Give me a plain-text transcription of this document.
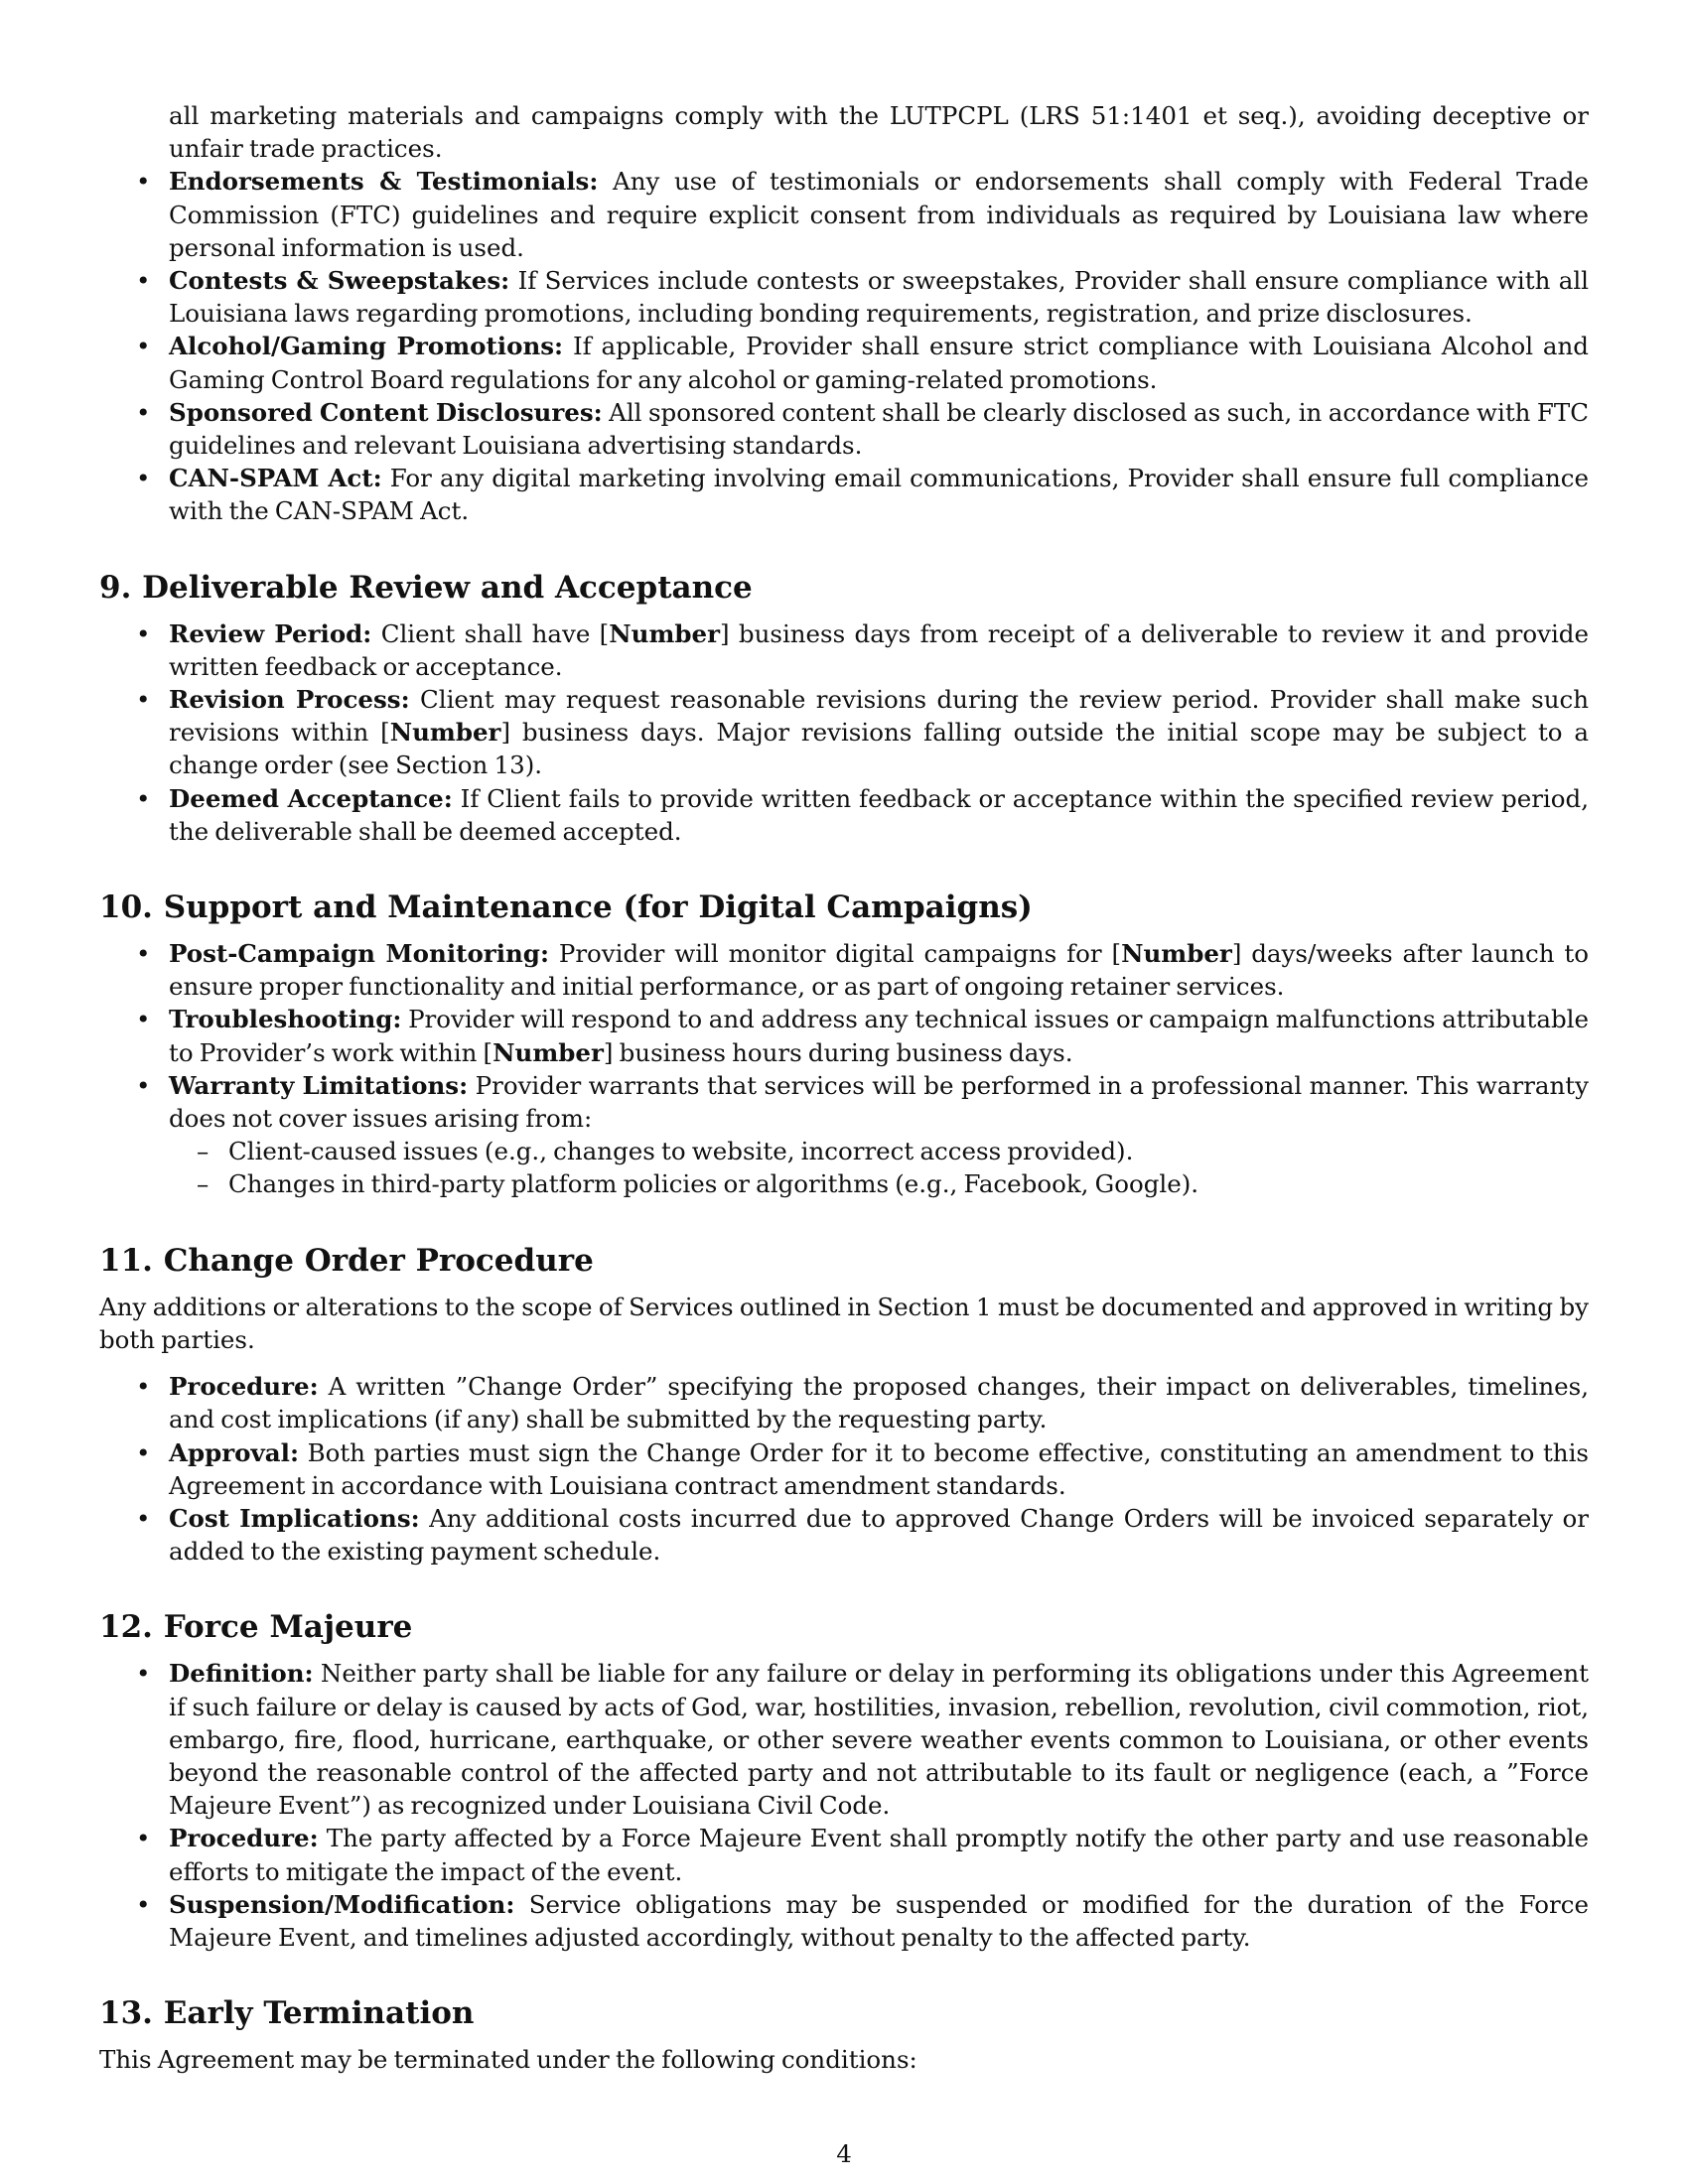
all marketing materials and campaigns comply with the LUTPCPL (LRS 51:1401 et seq.), avoiding deceptive or unfair trade practices.
• Endorsements & Testimonials: Any use of testimonials or endorsements shall comply with Federal Trade Commission (FTC) guidelines and require explicit consent from individuals as required by Louisiana law where personal information is used.
• Contests & Sweepstakes: If Services include contests or sweepstakes, Provider shall ensure compliance with all Louisiana laws regarding promotions, including bonding requirements, registration, and prize disclosures.
• Alcohol/Gaming Promotions: If applicable, Provider shall ensure strict compliance with Louisiana Alcohol and Gaming Control Board regulations for any alcohol or gaming-related promotions.
• Sponsored Content Disclosures: All sponsored content shall be clearly disclosed as such, in accordance with FTC guidelines and relevant Louisiana advertising standards.
• CAN-SPAM Act: For any digital marketing involving email communications, Provider shall ensure full compliance with the CAN-SPAM Act.
9. Deliverable Review and Acceptance
• Review Period: Client shall have [Number] business days from receipt of a deliverable to review it and provide written feedback or acceptance.
• Revision Process: Client may request reasonable revisions during the review period. Provider shall make such revisions within [Number] business days. Major revisions falling outside the initial scope may be subject to a change order (see Section 13).
• Deemed Acceptance: If Client fails to provide written feedback or acceptance within the specified review period, the deliverable shall be deemed accepted.
10. Support and Maintenance (for Digital Campaigns)
• Post-Campaign Monitoring: Provider will monitor digital campaigns for [Number] days/weeks after launch to ensure proper functionality and initial performance, or as part of ongoing retainer services.
• Troubleshooting: Provider will respond to and address any technical issues or campaign malfunctions attributable to Provider’s work within [Number] business hours during business days.
• Warranty Limitations: Provider warrants that services will be performed in a professional manner. This warranty does not cover issues arising from:
– Client-caused issues (e.g., changes to website, incorrect access provided).
– Changes in third-party platform policies or algorithms (e.g., Facebook, Google).
11. Change Order Procedure

Any additions or alterations to the scope of Services outlined in Section 1 must be documented and approved in writing by both parties.

• Procedure: A written ”Change Order” specifying the proposed changes, their impact on deliverables, timelines, and cost implications (if any) shall be submitted by the requesting party.
• Approval: Both parties must sign the Change Order for it to become effective, constituting an amendment to this Agreement in accordance with Louisiana contract amendment standards.
• Cost Implications: Any additional costs incurred due to approved Change Orders will be invoiced separately or added to the existing payment schedule.
12. Force Majeure
• Definition: Neither party shall be liable for any failure or delay in performing its obligations under this Agreement if such failure or delay is caused by acts of God, war, hostilities, invasion, rebellion, revolution, civil commotion, riot, embargo, fire, flood, hurricane, earthquake, or other severe weather events common to Louisiana, or other events beyond the reasonable control of the affected party and not attributable to its fault or negligence (each, a ”Force Majeure Event”) as recognized under Louisiana Civil Code.
• Procedure: The party affected by a Force Majeure Event shall promptly notify the other party and use reasonable efforts to mitigate the impact of the event.
• Suspension/Modification: Service obligations may be suspended or modified for the duration of the Force Majeure Event, and timelines adjusted accordingly, without penalty to the affected party.
13. Early Termination

This Agreement may be terminated under the following conditions:

4
